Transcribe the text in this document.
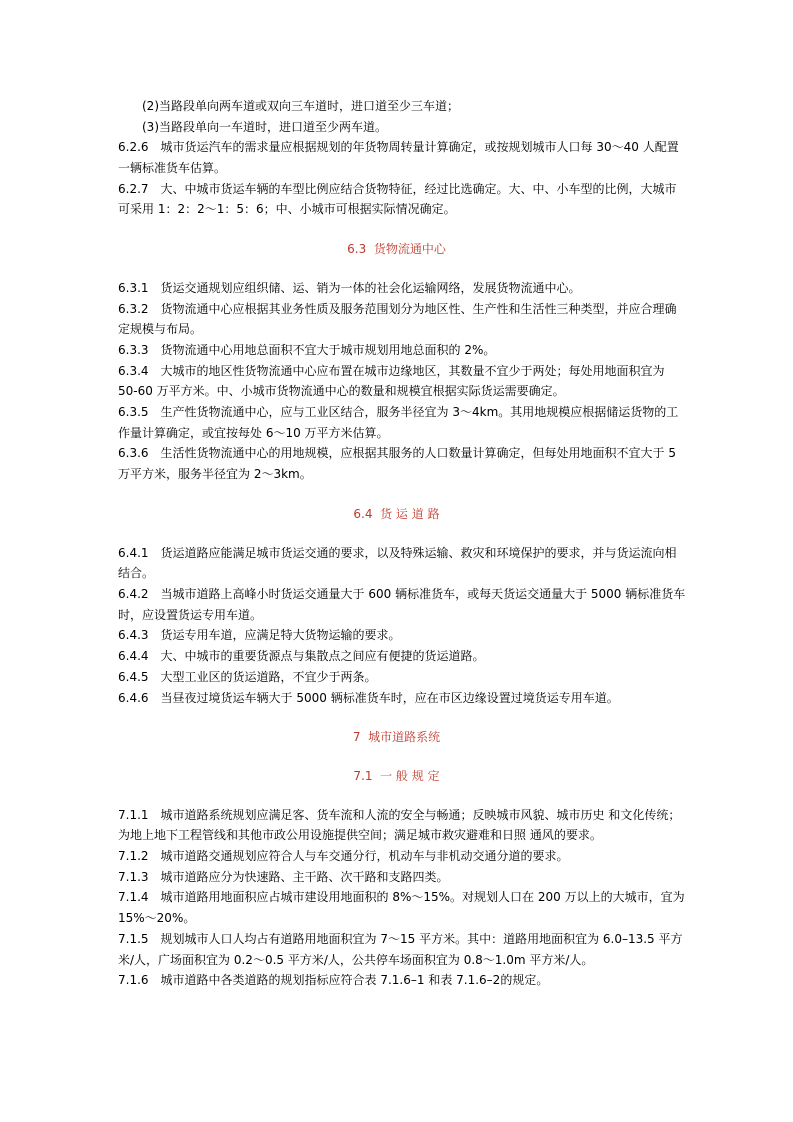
(2)当路段单向两车道或双向三车道时，进口道至少三车道；
(3)当路段单向一车道时，进口道至少两车道。
6.2.6　城市货运汽车的需求量应根据规划的年货物周转量计算确定，或按规划城市人口每 30～40 人配置
一辆标准货车估算。
6.2.7　大、中城市货运车辆的车型比例应结合货物特征，经过比选确定。大、中、小车型的比例，大城市
可采用 1：2：2～1：5：6；中、小城市可根据实际情况确定。
6.3  货物流通中心
6.3.1　货运交通规划应组织储、运、销为一体的社会化运输网络，发展货物流通中心。
6.3.2　货物流通中心应根据其业务性质及服务范围划分为地区性、生产性和生活性三种类型，并应合理确
定规模与布局。
6.3.3　货物流通中心用地总面积不宜大于城市规划用地总面积的 2%。
6.3.4　大城市的地区性货物流通中心应布置在城市边缘地区，其数量不宜少于两处；每处用地面积宜为
50-60 万平方米。中、小城市货物流通中心的数量和规模宜根据实际货运需要确定。
6.3.5　生产性货物流通中心，应与工业区结合，服务半径宜为 3～4km。其用地规模应根据储运货物的工
作量计算确定，或宜按每处 6～10 万平方米估算。
6.3.6　生活性货物流通中心的用地规模，应根据其服务的人口数量计算确定，但每处用地面积不宜大于 5
万平方米，服务半径宜为 2～3km。
6.4  货 运 道 路
6.4.1　货运道路应能满足城市货运交通的要求，以及特殊运输、救灾和环境保护的要求，并与货运流向相
结合。
6.4.2　当城市道路上高峰小时货运交通量大于 600 辆标准货车，或每天货运交通量大于 5000 辆标准货车
时，应设置货运专用车道。
6.4.3　货运专用车道，应满足特大货物运输的要求。
6.4.4　大、中城市的重要货源点与集散点之间应有便捷的货运道路。
6.4.5　大型工业区的货运道路，不宜少于两条。
6.4.6　当昼夜过境货运车辆大于 5000 辆标准货车时，应在市区边缘设置过境货运专用车道。
7  城市道路系统
7.1  一 般 规 定
7.1.1　城市道路系统规划应满足客、货车流和人流的安全与畅通；反映城市风貌、城市历史 和文化传统；
为地上地下工程管线和其他市政公用设施提供空间；满足城市救灾避难和日照 通风的要求。
7.1.2　城市道路交通规划应符合人与车交通分行，机动车与非机动交通分道的要求。
7.1.3　城市道路应分为快速路、主干路、次干路和支路四类。
7.1.4　城市道路用地面积应占城市建设用地面积的 8%～15%。对规划人口在 200 万以上的大城市，宜为
15%～20%。
7.1.5　规划城市人口人均占有道路用地面积宜为 7～15 平方米。其中：道路用地面积宜为 6.0–13.5 平方
米/人，广场面积宜为 0.2～0.5 平方米/人，公共停车场面积宜为 0.8～1.0m 平方米/人。
7.1.6　城市道路中各类道路的规划指标应符合表 7.1.6–1 和表 7.1.6–2的规定。
